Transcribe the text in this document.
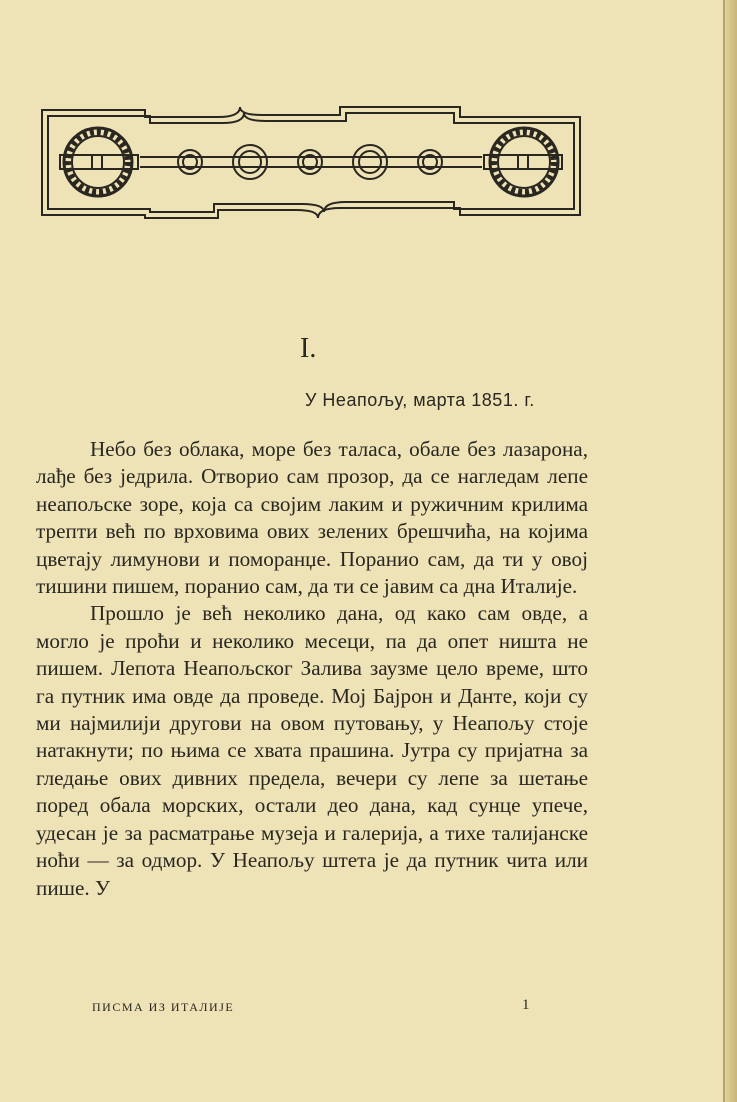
I.
У Неапољу, марта 1851. г.

Небо без облака, море без таласа, обале без лазарона, лађе без једрила. Отворио сам прозор, да се нагледам лепе неапољске зоре, која са својим лаким и ружичним крилима трепти већ по врховима ових зелених брешчића, на којима цветају лимунови и поморанџе. Поранио сам, да ти у овој тишини пишем, поранио сам, да ти се јавим са дна Италије.

Прошло је већ неколико дана, од како сам овде, а могло је проћи и неколико месеци, па да опет ништа не пишем. Лепота Неапољског Залива заузме цело време, што га путник има овде да проведе. Мој Бајрон и Данте, који су ми најмилији другови на овом путовању, у Неапољу стоје натакнути; по њима се хвата прашина. Јутра су пријатна за гледање ових дивних предела, вечери су лепе за шетање поред обала морских, остали део дана, кад сунце упече, удесан је за расматрање музеја и галерија, а тихе талијанске ноћи — за одмор. У Неапољу штета је да путник чита или пише. У

ПИСМА ИЗ ИТАЛИЈЕ	1
